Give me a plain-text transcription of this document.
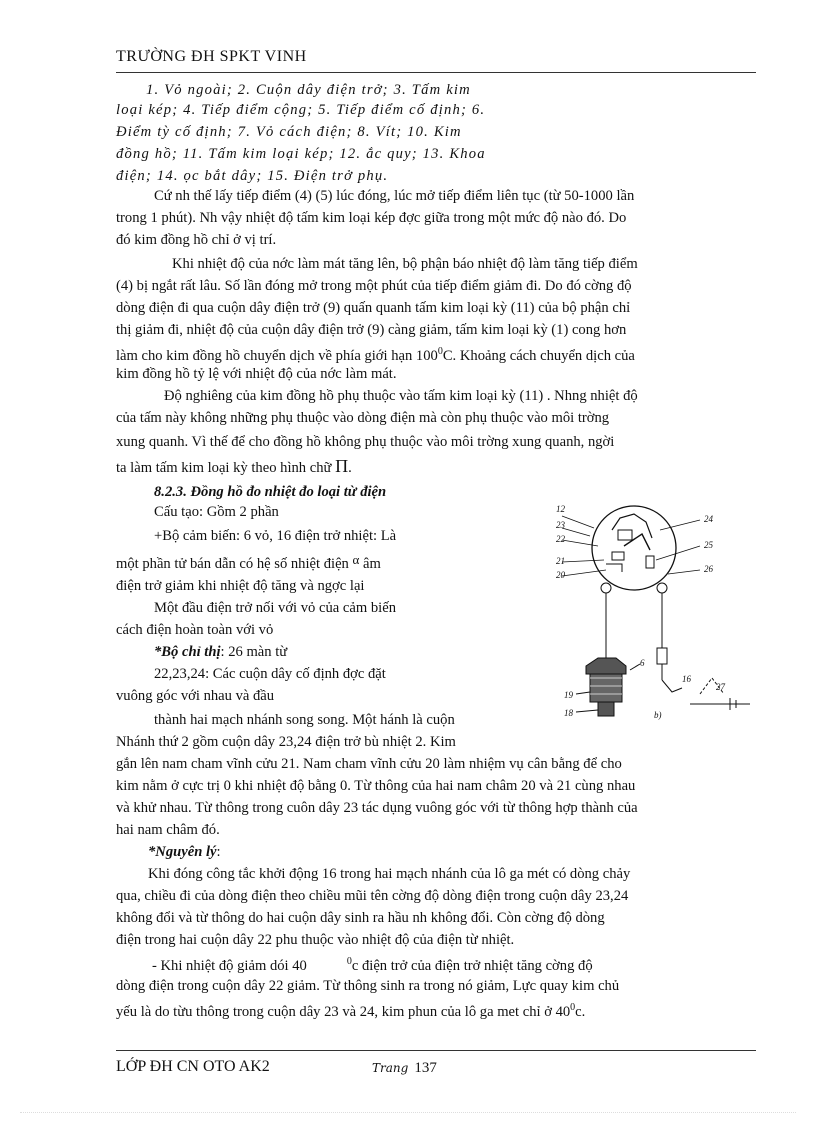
TRƯỜNG ĐH SPKT VINH
1. Vỏ ngoài; 2. Cuộn dây điện trở; 3. Tấm kim
loại kép; 4. Tiếp điểm cộng; 5. Tiếp điểm cố định; 6.
Điểm tỳ cố định; 7. Vỏ cách điện; 8. Vít; 10. Kim
đồng hồ; 11. Tấm kim loại kép; 12. ắc quy; 13. Khoa
điện; 14. ọc bắt dây; 15. Điện trở phụ.
Cứ nh thế lấy tiếp điểm (4) (5) lúc đóng, lúc mở tiếp điểm liên tục (từ 50-1000 lần
trong 1 phút). Nh vậy nhiệt độ tấm kim loại kép đợc giữa trong một mức độ nào đó. Do
đó kim đồng hồ chỉ ở vị trí.
Khi nhiệt độ của nớc làm mát tăng lên, bộ phận báo nhiệt độ làm tăng tiếp điểm
(4) bị ngắt rất lâu. Số lần đóng mở trong một phút của tiếp điểm giảm đi. Do đó cờng độ
dòng điện đi qua cuộn dây điện trở (9) quấn quanh tấm kim loại kỳ (11) của bộ phận chỉ
thị giảm đi, nhiệt độ của cuộn dây điện trở (9) càng giảm, tấm kim loại kỳ (1) cong hơn
làm cho kim đồng hồ chuyển dịch về phía giới hạn $100^0C$. Khoảng cách chuyển dịch của
kim đồng hồ tỷ lệ với nhiệt độ của nớc làm mát.
Độ nghiêng của kim đồng hồ phụ thuộc vào tấm kim loại kỳ (11) . Nhng nhiệt độ
của tấm này không những phụ thuộc vào dòng điện mà còn phụ thuộc vào môi trờng
xung quanh. Vì thế để cho đồng hồ không phụ thuộc vào môi trờng xung quanh, ngời
ta làm tấm kim loại kỳ theo hình chữ Π.
8.2.3. Đồng hồ đo nhiệt đo loại từ điện
Cấu tạo: Gồm 2 phần
+Bộ cảm biến: 6 vỏ, 16 điện trở nhiệt: Là
một phần tử bán dẫn có hệ số nhiệt điện α âm
điện trở giảm khi nhiệt độ tăng và ngợc lại
Một đầu điện trở nối với vỏ của cảm biến
cách điện hoàn toàn với vỏ
*Bộ chỉ thị: 26 màn từ
22,23,24: Các cuộn dây cố định đợc đặt
vuông góc với nhau và đầu
thành hai mạch nhánh song song. Một hánh là cuộn
Nhánh thứ 2 gồm cuộn dây 23,24 điện trở bù nhiệt 2. Kim
gắn lên nam cham vĩnh cửu 21. Nam cham vĩnh cửu 20 làm nhiệm vụ cân bằng để cho
kim nằm ở cực trị 0 khi nhiệt độ bằng 0. Từ thông của hai nam châm 20 và 21 cùng nhau
và khử nhau. Từ thông trong cuôn dây 23 tác dụng vuông góc với từ thông hợp thành của
hai nam châm đó.
*Nguyên lý:
Khi đóng công tắc khởi động 16 trong hai mạch nhánh của lô ga mét có dòng chảy
qua, chiều đi của dòng điện theo chiều mũi tên cờng độ dòng điện trong cuộn dây 23,24
không đổi và từ thông do hai cuộn dây sinh ra hầu nh không đổi. Còn cờng độ dòng
điện trong hai cuộn dây 22 phu thuộc vào nhiệt độ của điện từ nhiệt.
- Khi nhiệt độ giảm dói 40	$^0$c điện trở của điện trở nhiệt tăng cờng độ
dòng điện trong cuộn dây 22 giảm. Từ thông sinh ra trong nó giảm, Lực quay kim chủ
yếu là do từu thông trong cuộn dây 23 và 24, kim phun của lô ga met chỉ ở $40^0c$.
12
23
22
21
20
24
25
26
6
19
18
16
27
b)
LỚP ĐH CN OTO AK2	Trang 137
